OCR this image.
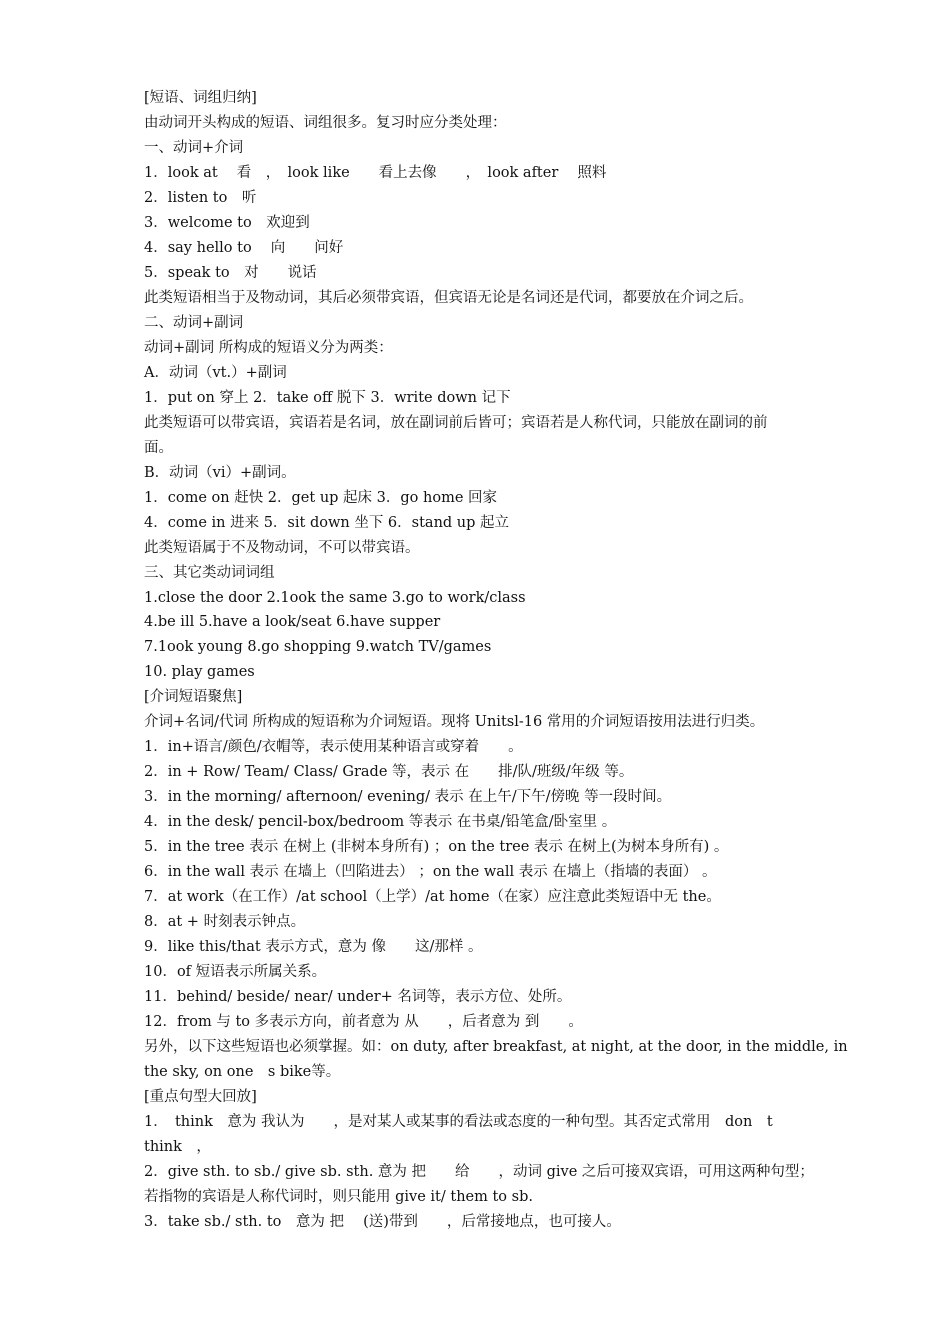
[短语、词组归纳]
由动词开头构成的短语、词组很多。复习时应分类处理：
一、动词+介词
1．look at　 看　，　look like　　看上去像　　，　look after　 照料
2．listen to　听
3．welcome to　欢迎到
4．say hello to　 向　　问好
5．speak to　对　　说话
此类短语相当于及物动词，其后必须带宾语，但宾语无论是名词还是代词，都要放在介词之后。
二、动词+副词
动词+副词 所构成的短语义分为两类：
A．动词（vt.）+副词
1．put on 穿上 2．take off 脱下 3．write down 记下
此类短语可以带宾语，宾语若是名词，放在副词前后皆可；宾语若是人称代词，只能放在副词的前
面。
B．动词（vi）+副词。
1．come on 赶快 2．get up 起床 3．go home 回家
4．come in 进来 5．sit down 坐下 6．stand up 起立
此类短语属于不及物动词，不可以带宾语。
三、其它类动词词组
1.close the door 2.1ook the same 3.go to work/class
4.be ill 5.have a look/seat 6.have supper
7.1ook young 8.go shopping 9.watch TV/games
10. play games
[介词短语聚焦]
介词+名词/代词 所构成的短语称为介词短语。现将 Unitsl-16 常用的介词短语按用法进行归类。
1．in+语言/颜色/衣帽等，表示使用某种语言或穿着　　。
2．in + Row/ Team/ Class/ Grade 等，表示 在　　排/队/班级/年级 等。
3．in the morning/ afternoon/ evening/ 表示 在上午/下午/傍晚 等一段时间。
4．in the desk/ pencil-box/bedroom 等表示 在书桌/铅笔盒/卧室里 。
5．in the tree 表示 在树上 (非树本身所有) ；on the tree 表示 在树上(为树本身所有) 。
6．in the wall 表示 在墙上（凹陷进去） ；on the wall 表示 在墙上（指墙的表面） 。
7．at work（在工作）/at school（上学）/at home（在家）应注意此类短语中无 the。
8．at + 时刻表示钟点。
9．like this/that 表示方式，意为 像　　这/那样 。
10．of 短语表示所属关系。
11．behind/ beside/ near/ under+ 名词等，表示方位、处所。
12．from 与 to 多表示方向，前者意为 从　　，后者意为 到　　。
另外，以下这些短语也必须掌握。如：on duty, after breakfast, at night, at the door, in the middle, in
the sky, on one　s bike等。
[重点句型大回放]
1．　think　意为 我认为　　，是对某人或某事的看法或态度的一种句型。其否定式常用　don　t
think　，
2．give sth. to sb./ give sb. sth. 意为 把　　给　　，动词 give 之后可接双宾语，可用这两种句型；
若指物的宾语是人称代词时，则只能用 give it/ them to sb.
3．take sb./ sth. to　意为 把　 (送)带到　　，后常接地点，也可接人。
